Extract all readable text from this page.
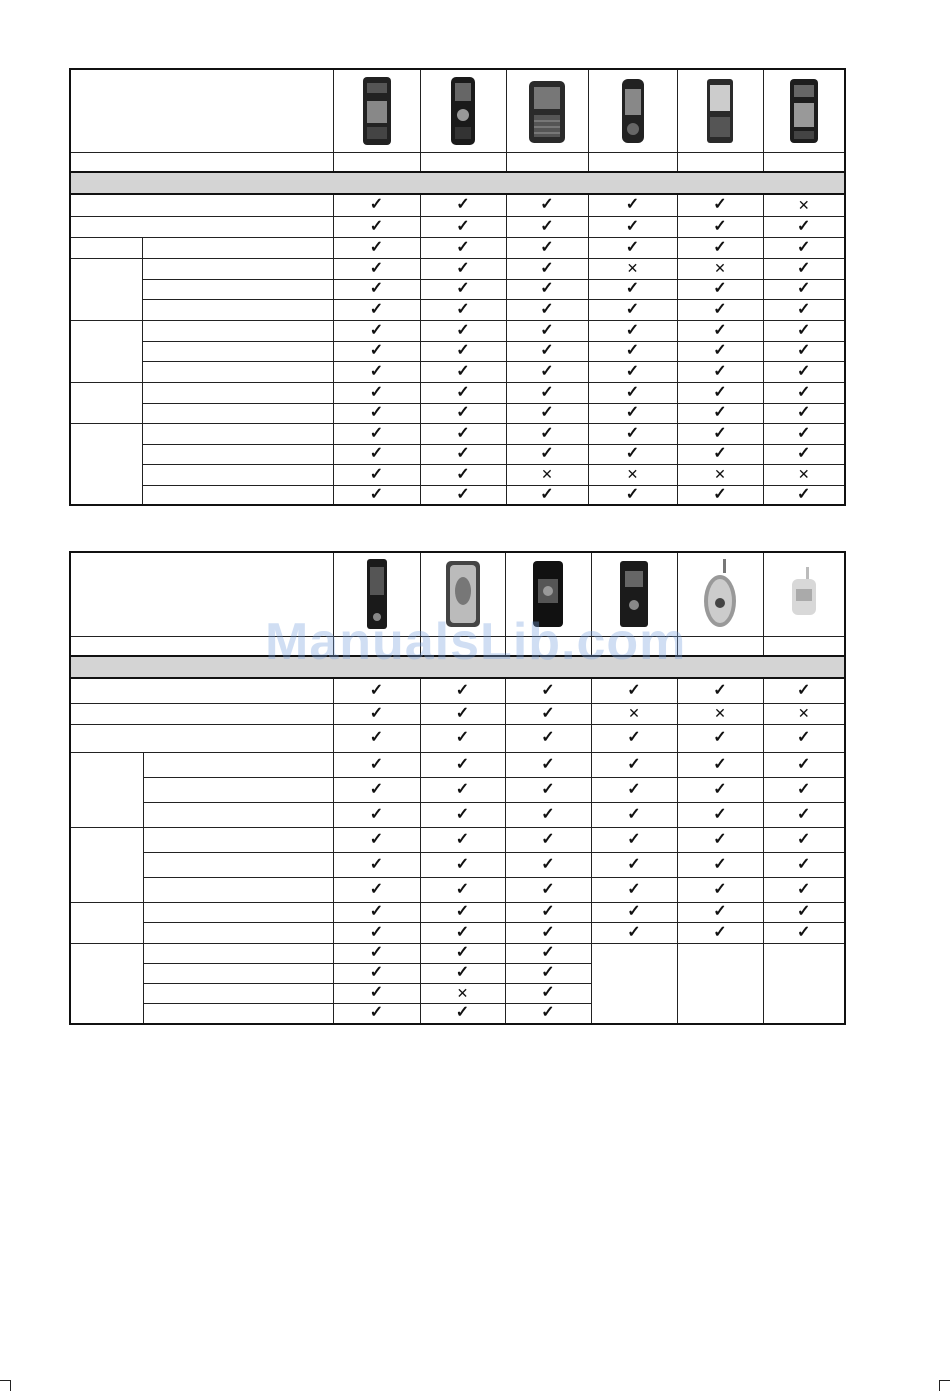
		✓	✓	✓	✓	✓	✕
		✓	✓	✓	✓	✓	✓
		✓	✓	✓	✓	✓	✓
		✓	✓	✓	✕	✕	✓
		✓	✓	✓	✓	✓	✓
		✓	✓	✓	✓	✓	✓
		✓	✓	✓	✓	✓	✓
		✓	✓	✓	✓	✓	✓
		✓	✓	✓	✓	✓	✓
		✓	✓	✓	✓	✓	✓
		✓	✓	✓	✓	✓	✓
		✓	✓	✓	✓	✓	✓
		✓	✓	✓	✓	✓	✓
		✓	✓	✕	✕	✕	✕
		✓	✓	✓	✓	✓	✓

		✓	✓	✓	✓	✓	✓
		✓	✓	✓	✕	✕	✕
		✓	✓	✓	✓	✓	✓
		✓	✓	✓	✓	✓	✓
		✓	✓	✓	✓	✓	✓
		✓	✓	✓	✓	✓	✓
		✓	✓	✓	✓	✓	✓
		✓	✓	✓	✓	✓	✓
		✓	✓	✓	✓	✓	✓
		✓	✓	✓	✓	✓	✓
		✓	✓	✓	✓	✓	✓
		✓	✓	✓			
		✓	✓	✓			
		✓	✕	✓			
		✓	✓	✓			
ManualsLib.com
